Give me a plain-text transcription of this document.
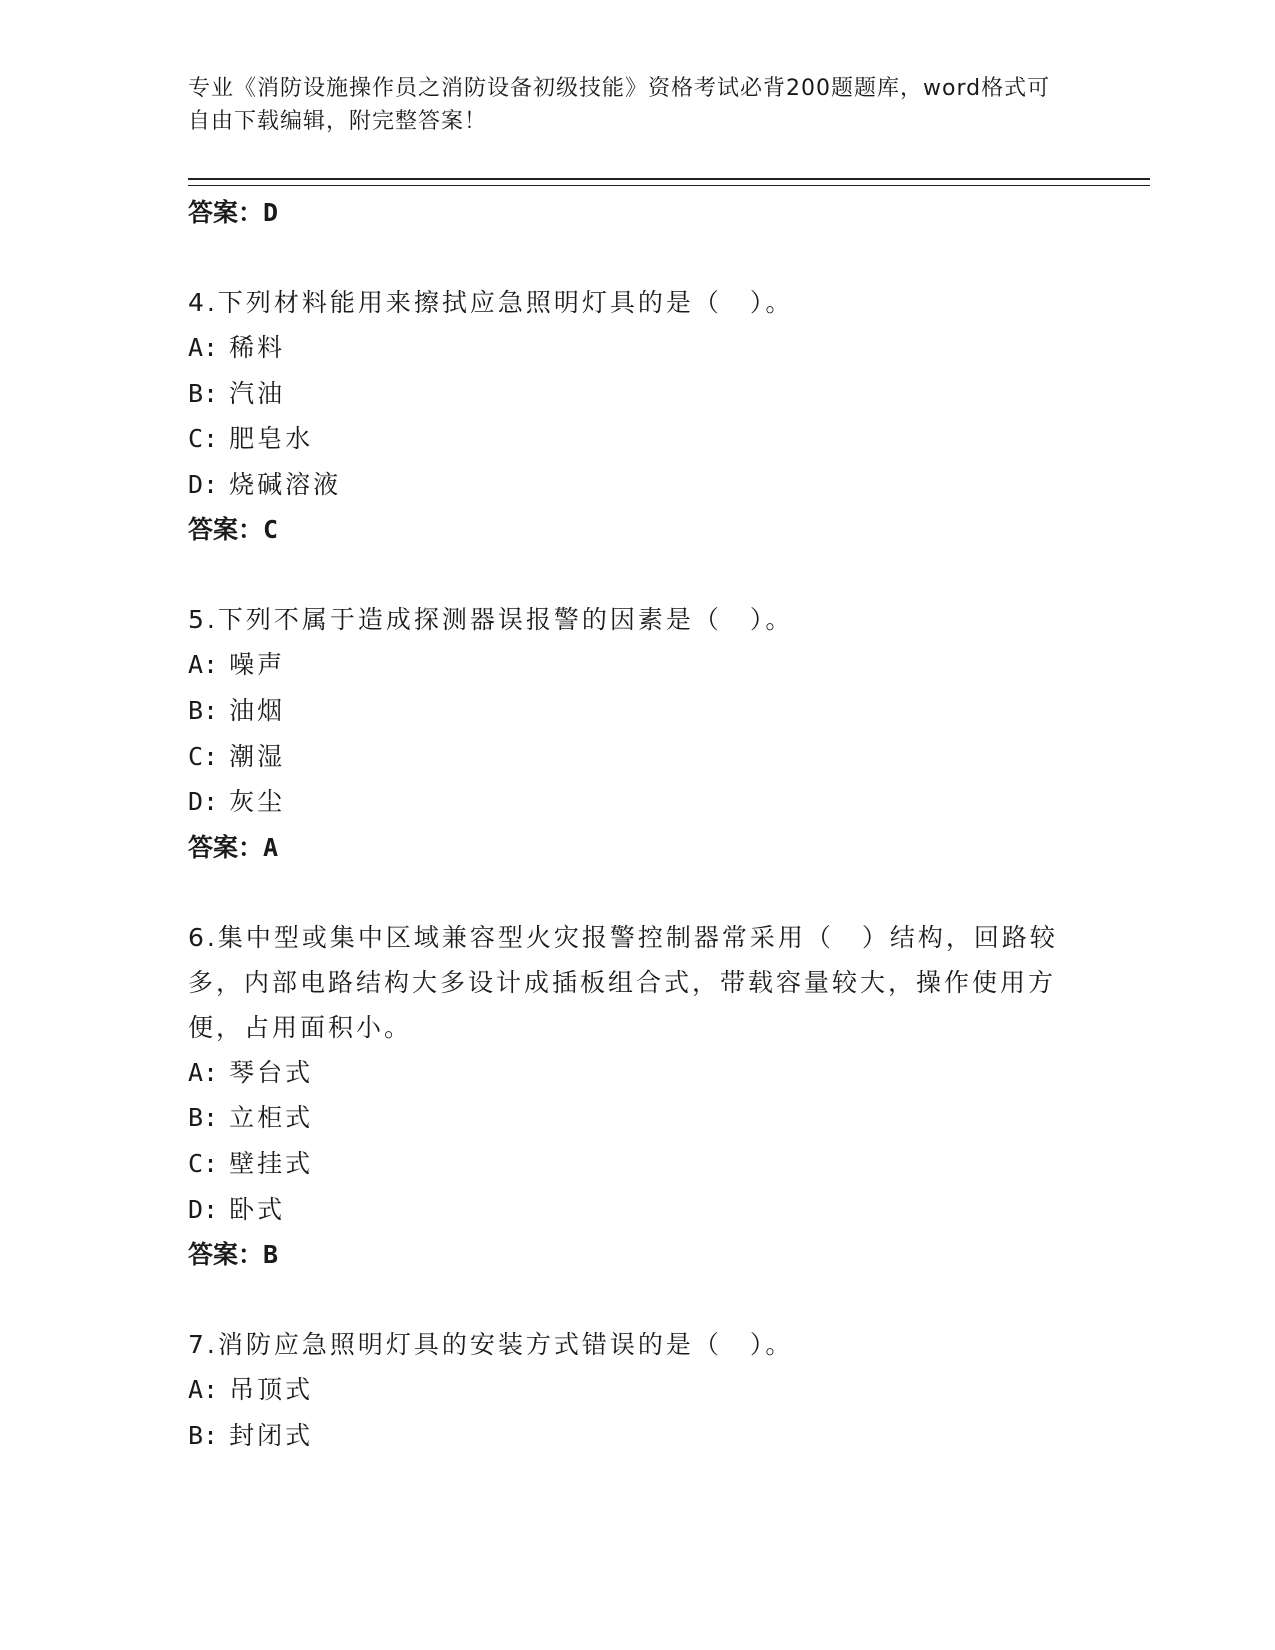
专业《消防设施操作员之消防设备初级技能》资格考试必背200题题库，word格式可自由下载编辑，附完整答案！
答案：D
4.下列材料能用来擦拭应急照明灯具的是（　）。
A: 稀料
B: 汽油
C: 肥皂水
D: 烧碱溶液
答案：C
5.下列不属于造成探测器误报警的因素是（　）。
A: 噪声
B: 油烟
C: 潮湿
D: 灰尘
答案：A
6.集中型或集中区域兼容型火灾报警控制器常采用（　）结构，回路较多，内部电路结构大多设计成插板组合式，带载容量较大，操作使用方便，占用面积小。
A: 琴台式
B: 立柜式
C: 壁挂式
D: 卧式
答案：B
7.消防应急照明灯具的安装方式错误的是（　）。
A: 吊顶式
B: 封闭式
